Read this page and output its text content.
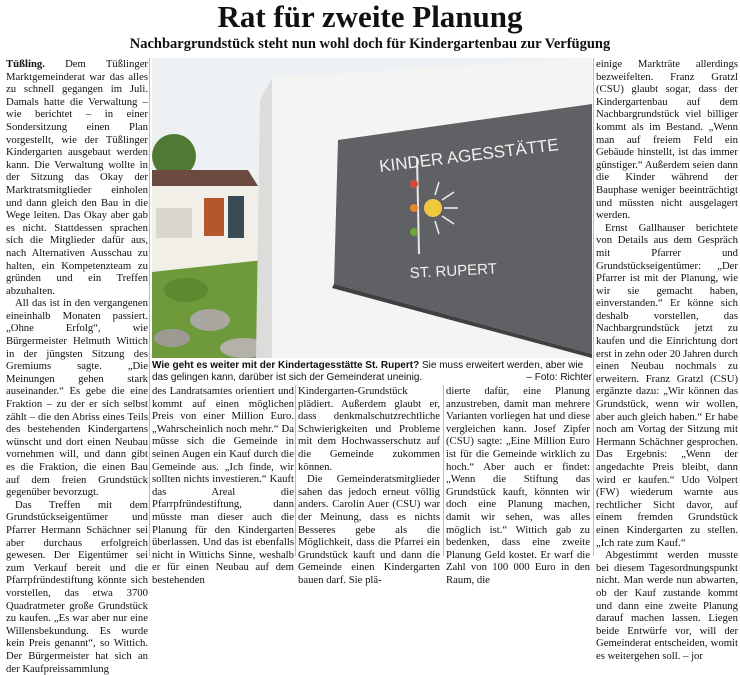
Rat für zweite Planung
Nachbargrundstück steht nun wohl doch für Kindergartenbau zur Verfügung

Tüßling. Dem Tüßlinger Marktgemeinderat war das alles zu schnell gegangen im Juli. Damals hatte die Verwaltung – wie berichtet – in einer Sondersitzung einen Plan vorgestellt, wie der Tüßlinger Kindergarten ausgebaut werden kann. Die Verwaltung wollte in der Sitzung das Okay der Marktratsmitglieder einholen und dann gleich den Bau in die Wege leiten. Das Okay aber gab es nicht. Stattdessen sprachen sich die Mitglieder dafür aus, nach Alternativen Ausschau zu halten, ein Kompetenzteam zu gründen und ein Treffen abzuhalten.

All das ist in den vergangenen eineinhalb Monaten passiert. „Ohne Erfolg“, wie Bürgermeister Helmuth Wittich in der jüngsten Sitzung des Gremiums sagte. „Die Meinungen gehen stark auseinander.“ Es gebe die eine Fraktion – zu der er sich selbst zählt – die den Abriss eines Teils des bestehenden Kindergartens wünscht und dort einen Neubau vornehmen will, und dann gibt es die Fraktion, die einen Bau auf dem freien Grundstück gegenüber bevorzugt.

Das Treffen mit dem Grundstückseigentümer und Pfarrer Hermann Schächner sei aber durchaus erfolgreich gewesen. Der Eigentümer sei zum Verkauf bereit und die Pfarrpfründestiftung könnte sich vorstellen, das etwa 3700 Quadratmeter große Grundstück zu kaufen. „Es war aber nur eine Willensbekundung. Es wurde kein Preis genannt“, so Wittich. Der Bürgermeister hat sich an der Kaufpreissammlung

KINDER AGESSTÄTTE
ST. RUPERT
Wie geht es weiter mit der Kindertagesstätte St. Rupert? Sie muss erweitert werden, aber wie das gelingen kann, darüber ist sich der Gemeinderat uneinig.	– Foto: Richter

des Landratsamtes orientiert und kommt auf einen möglichen Preis von einer Million Euro. „Wahrscheinlich noch mehr.“ Da müsse sich die Gemeinde in seinen Augen ein Kauf durch die Gemeinde aus. „Ich finde, wir sollten nichts investieren.“ Kauft das Areal die Pfarrpfründestiftung, dann müsste man dieser auch die Planung für den Kindergarten überlassen. Und das ist ebenfalls nicht in Wittichs Sinne, weshalb er für einen Neubau auf dem bestehenden

Kindergarten-Grundstück plädiert. Außerdem glaubt er, dass denkmalschutzrechtliche Schwierigkeiten und Probleme mit dem Hochwasserschutz auf die Gemeinde zukommen können.

Die Gemeinderatsmitglieder sahen das jedoch erneut völlig anders. Carolin Auer (CSU) war der Meinung, dass es nichts Besseres gebe als die Möglichkeit, dass die Pfarrei ein Grundstück kauft und dann die Gemeinde einen Kindergarten bauen darf. Sie plä-

dierte dafür, eine Planung anzustreben, damit man mehrere Varianten vorliegen hat und diese vergleichen kann. Josef Zipfer (CSU) sagte: „Eine Million Euro ist für die Gemeinde wirklich zu hoch.“ Aber auch er findet: „Wenn die Stiftung das Grundstück kauft, könnten wir doch eine Planung machen, damit wir sehen, was alles möglich ist.“ Wittich gab zu bedenken, dass eine zweite Planung Geld kostet. Er warf die Zahl von 100 000 Euro in den Raum, die

einige Markträte allerdings bezweifelten. Franz Gratzl (CSU) glaubt sogar, dass der Kindergartenbau auf dem Nachbargrundstück viel billiger kommt als im Bestand. „Wenn man auf freiem Feld ein Gebäude hinstellt, ist das immer günstiger.“ Außerdem seien dann die Kinder während der Bauphase weniger beeinträchtigt und müssten nicht ausgelagert werden.

Ernst Gallhauser berichtete von Details aus dem Gespräch mit Pfarrer und Grundstückseigentümer: „Der Pfarrer ist mit der Planung, wie wir sie gemacht haben, einverstanden.“ Er könne sich deshalb vorstellen, das Nachbargrundstück jetzt zu kaufen und die Einrichtung dort erst in zehn oder 20 Jahren durch einen Neubau nochmals zu erweitern. Franz Gratzl (CSU) ergänzte dazu: „Wir können das Grundstück, wenn wir wollen, aber auch gleich haben.“ Er habe noch am Vortag der Sitzung mit Hermann Schächner gesprochen. Das Ergebnis: „Wenn der angedachte Preis bleibt, dann wird er kaufen.“ Udo Volpert (FW) wiederum warnte aus rechtlicher Sicht davor, auf einem fremden Grundstück einen Kindergarten zu stellen. „Ich rate zum Kauf.“

Abgestimmt werden musste bei diesem Tagesordnungspunkt nicht. Man werde nun abwarten, ob der Kauf zustande kommt und dann eine zweite Planung darauf machen lassen. Liegen beide Entwürfe vor, will der Gemeinderat entscheiden, womit es weitergehen soll. – jor
